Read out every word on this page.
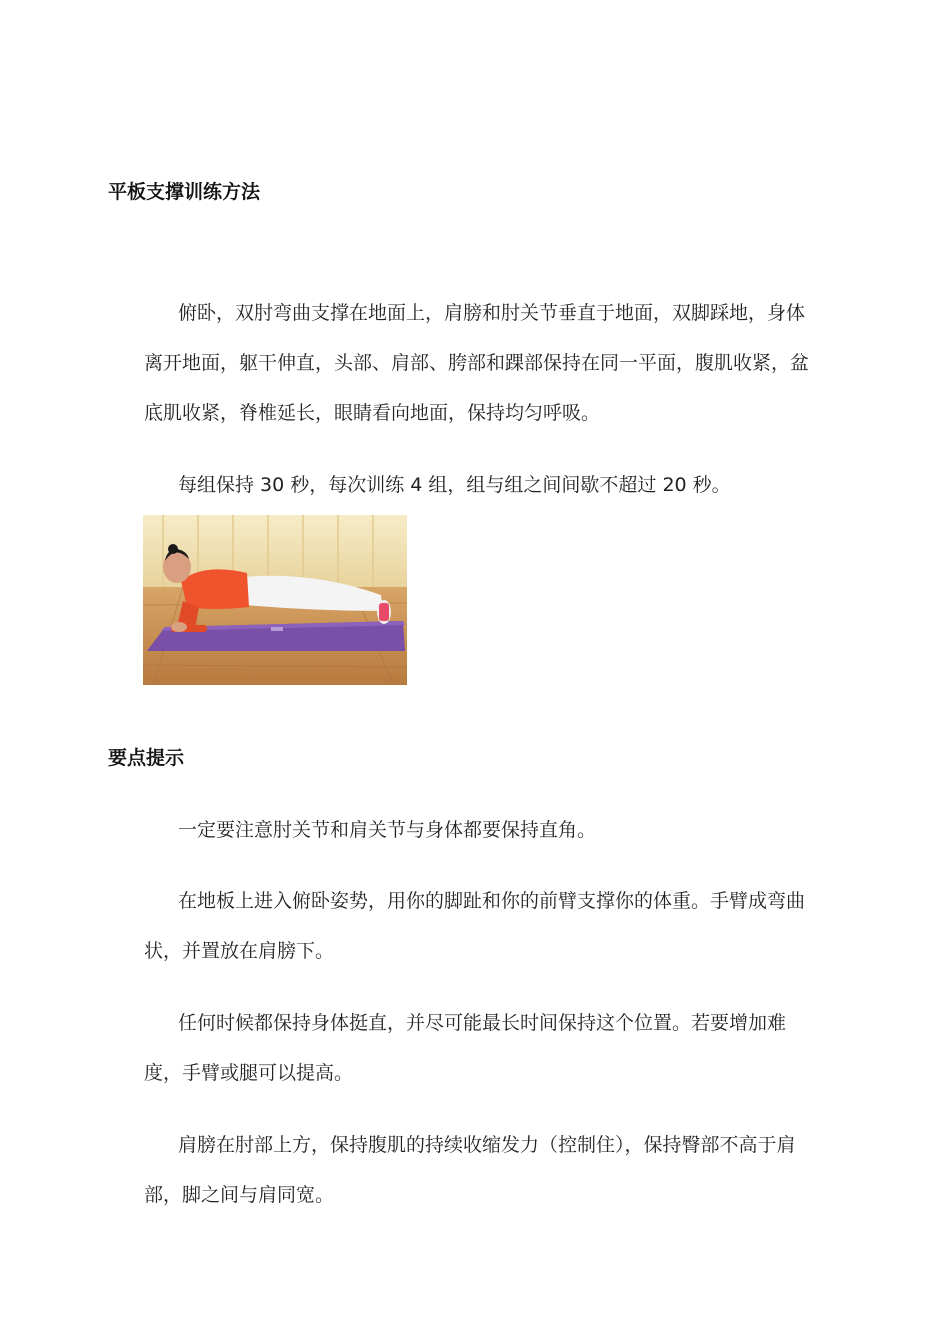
平板支撑训练方法

俯卧，双肘弯曲支撑在地面上，肩膀和肘关节垂直于地面，双脚踩地，身体离开地面，躯干伸直，头部、肩部、胯部和踝部保持在同一平面，腹肌收紧，盆底肌收紧，脊椎延长，眼睛看向地面，保持均匀呼吸。

每组保持 30 秒，每次训练 4 组，组与组之间间歇不超过 20 秒。

要点提示

一定要注意肘关节和肩关节与身体都要保持直角。

在地板上进入俯卧姿势，用你的脚趾和你的前臂支撑你的体重。手臂成弯曲状，并置放在肩膀下。

任何时候都保持身体挺直，并尽可能最长时间保持这个位置。若要增加难度，手臂或腿可以提高。

肩膀在肘部上方，保持腹肌的持续收缩发力（控制住），保持臀部不高于肩部，脚之间与肩同宽。
